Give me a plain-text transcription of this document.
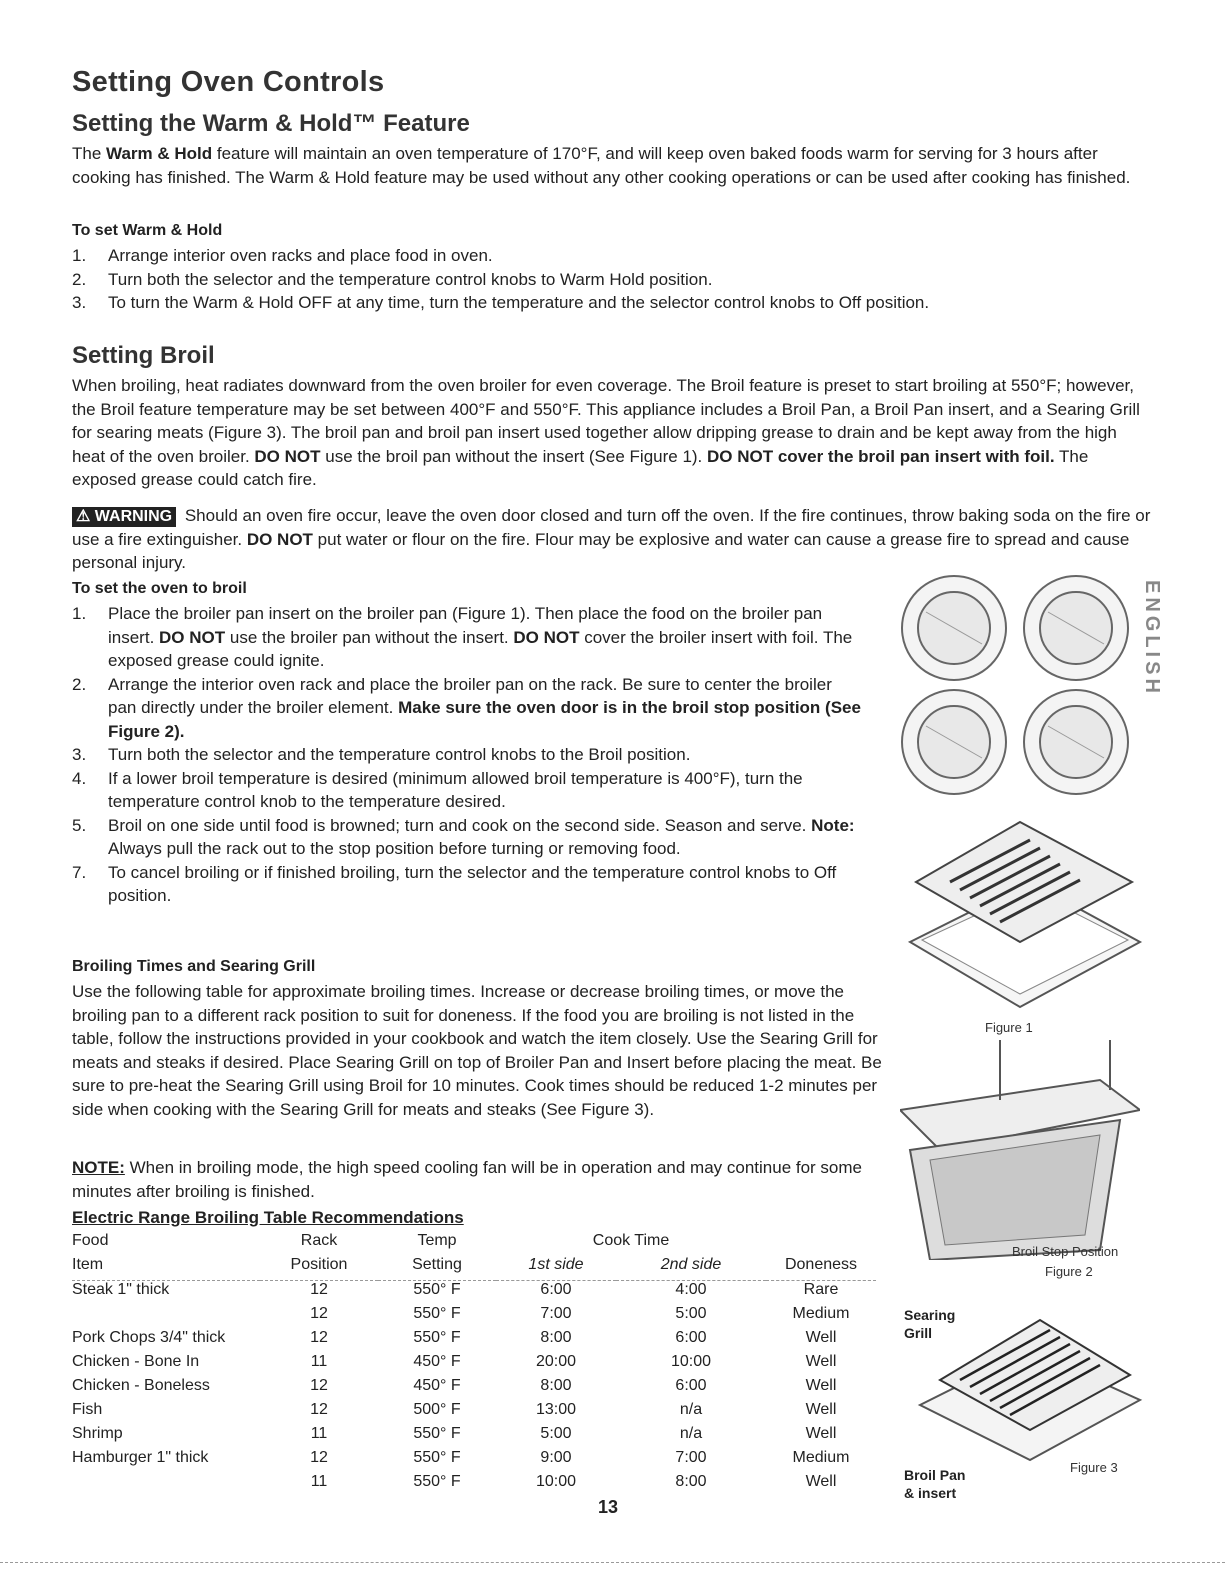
Setting Oven Controls
Setting the Warm & Hold™ Feature

The Warm & Hold feature will maintain an oven temperature of 170°F, and will keep oven baked foods warm for serving for 3 hours after cooking has finished. The Warm & Hold feature may be used without any other cooking operations or can be used after cooking has finished.

To set Warm & Hold

1. Arrange interior oven racks and place food in oven.
2. Turn both the selector and the temperature control knobs to Warm Hold position.
3. To turn the Warm & Hold OFF at any time, turn the temperature and the selector control knobs to Off position.
Setting Broil

When broiling, heat radiates downward from the oven broiler for even coverage. The Broil feature is preset to start broiling at 550°F; however, the Broil feature temperature may be set between 400°F and 550°F. This appliance includes a Broil Pan, a Broil Pan insert, and a Searing Grill for searing meats (Figure 3). The broil pan and broil pan insert used together allow dripping grease to drain and be kept away from the high heat of the oven broiler. DO NOT use the broil pan without the insert (See Figure 1). DO NOT cover the broil pan insert with foil. The exposed grease could catch fire.

⚠ WARNING Should an oven fire occur, leave the oven door closed and turn off the oven. If the fire continues, throw baking soda on the fire or use a fire extinguisher. DO NOT put water or flour on the fire. Flour may be explosive and water can cause a grease fire to spread and cause personal injury.

To set the oven to broil

1. Place the broiler pan insert on the broiler pan (Figure 1). Then place the food on the broiler pan insert. DO NOT use the broiler pan without the insert. DO NOT cover the broiler insert with foil. The exposed grease could ignite.
2. Arrange the interior oven rack and place the broiler pan on the rack. Be sure to center the broiler pan directly under the broiler element. Make sure the oven door is in the broil stop position (See Figure 2).
3. Turn both the selector and the temperature control knobs to the Broil position.
4. If a lower broil temperature is desired (minimum allowed broil temperature is 400°F), turn the temperature control knob to the temperature desired.
5. Broil on one side until food is browned; turn and cook on the second side. Season and serve. Note: Always pull the rack out to the stop position before turning or removing food.
7. To cancel broiling or if finished broiling, turn the selector and the temperature control knobs to Off position.

Broiling Times and Searing Grill

Use the following table for approximate broiling times. Increase or decrease broiling times, or move the broiling pan to a different rack position to suit for doneness. If the food you are broiling is not listed in the table, follow the instructions provided in your cookbook and watch the item closely. Use the Searing Grill for meats and steaks if desired. Place Searing Grill on top of Broiler Pan and Insert before placing the meat. Be sure to pre-heat the Searing Grill using Broil for 10 minutes. Cook times should be reduced 1-2 minutes per side when cooking with the Searing Grill for meats and steaks (See Figure 3).

NOTE: When in broiling mode, the high speed cooling fan will be in operation and may continue for some minutes after broiling is finished.

Electric Range Broiling Table Recommendations

Food	Rack	Temp	Cook Time		
Item	Position	Setting	1st side	2nd side	Doneness
Steak 1" thick	12	550° F	6:00	4:00	Rare
	12	550° F	7:00	5:00	Medium
Pork Chops 3/4" thick	12	550° F	8:00	6:00	Well
Chicken - Bone In	11	450° F	20:00	10:00	Well
Chicken - Boneless	12	450° F	8:00	6:00	Well
Fish	12	500° F	13:00	n/a	Well
Shrimp	11	550° F	5:00	n/a	Well
Hamburger 1" thick	12	550° F	9:00	7:00	Medium
	11	550° F	10:00	8:00	Well
13
ENGLISH
Figure 1
Broil Stop Position
Figure 2
Searing
Grill
Broil Pan
& insert
Figure 3
